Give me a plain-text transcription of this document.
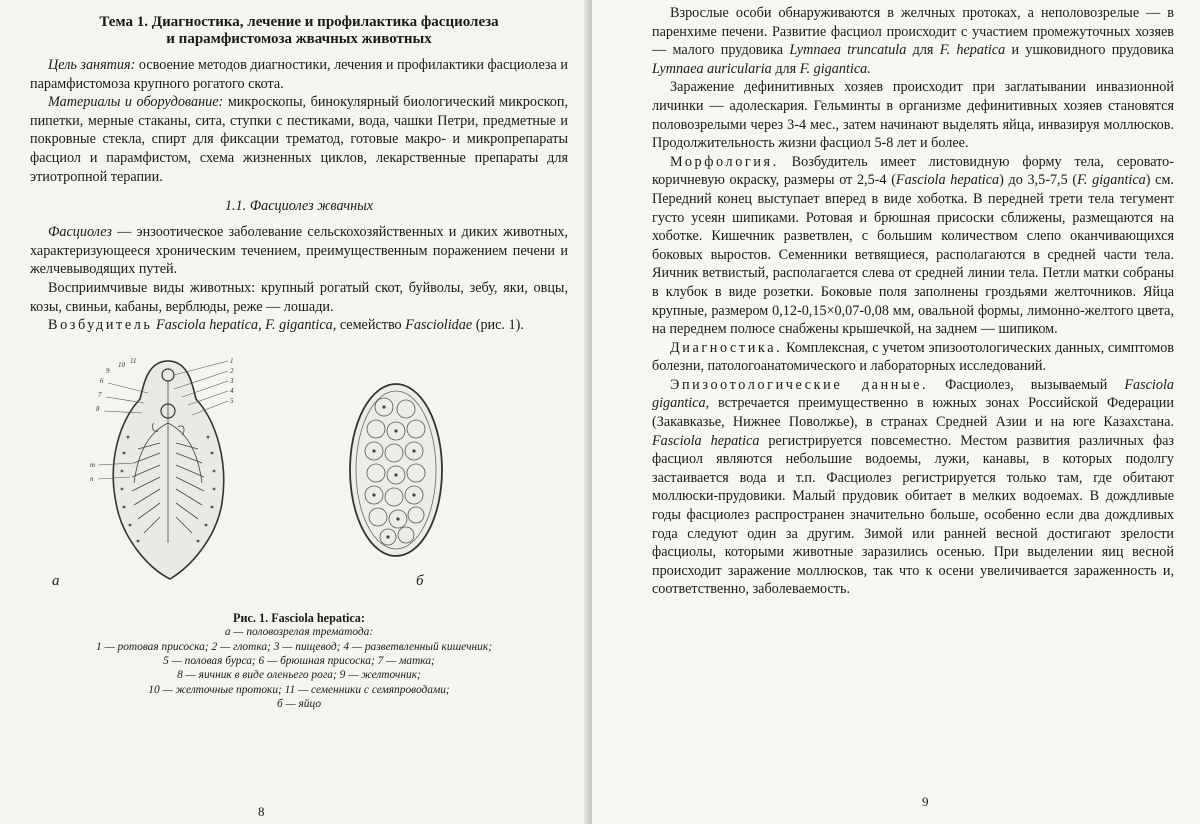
Тема 1. Диагностика, лечение и профилактика фасциолеза
и парамфистомоза жвачных животных

Цель занятия: освоение методов диагностики, лечения и профилактики фасциолеза и парамфистомоза крупного рогатого скота.

Материалы и оборудование: микроскопы, бинокулярный биологический микроскоп, пипетки, мерные стаканы, сита, ступки с пестиками, вода, чашки Петри, предметные и покровные стекла, спирт для фиксации трематод, готовые макро- и микропрепараты фасциол и парамфистом, схема жизненных циклов, лекарственные препараты для этиотропной терапии.

1.1. Фасциолез жвачных

Фасциолез — энзоотическое заболевание сельскохозяйственных и диких животных, характеризующееся хроническим течением, преимущественным поражением печени и желчевыводящих путей.

Восприимчивые виды животных: крупный рогатый скот, буйволы, зебу, яки, овцы, козы, свиньи, кабаны, верблюды, реже — лошади.

Возбудитель Fasciola hepatica, F. gigantica, семейство Fasciolidae (рис. 1).

1
2
3
4
5
6
7
8
9
10 11
m
n
а	б
Рис. 1. Fasciola hepatica:
а — половозрелая трематода:
1 — ротовая присоска; 2 — глотка; 3 — пищевод; 4 — разветвленный кишечник;
5 — половая бурса; 6 — брюшная присоска; 7 — матка;
8 — яичник в виде оленьего рога; 9 — желточник;
10 — желточные протоки; 11 — семенники с семяпроводами;
б — яйцо
8

Взрослые особи обнаруживаются в желчных протоках, а неполовозрелые — в паренхиме печени. Развитие фасциол происходит с участием промежуточных хозяев — малого прудовика Lymnaea truncatula для F. hepatica и ушковидного прудовика Lymnaea auricularia для F. gigantica.

Заражение дефинитивных хозяев происходит при заглатывании инвазионной личинки — адолескария. Гельминты в организме дефинитивных хозяев становятся половозрелыми через 3-4 мес., затем начинают выделять яйца, инвазируя моллюсков. Продолжительность жизни фасциол 5-8 лет и более.

Морфология. Возбудитель имеет листовидную форму тела, серовато-коричневую окраску, размеры от 2,5-4 (Fasciola hepatica) до 3,5-7,5 (F. gigantica) см. Передний конец выступает вперед в виде хоботка. В передней трети тела тегумент густо усеян шипиками. Ротовая и брюшная присоски сближены, размещаются на хоботке. Кишечник разветвлен, с большим количеством слепо оканчивающихся боковых выростов. Семенники ветвящиеся, располагаются в средней части тела. Яичник ветвистый, располагается слева от средней линии тела. Петли матки собраны в клубок в виде розетки. Боковые поля заполнены гроздьями желточников. Яйца крупные, размером 0,12-0,15×0,07-0,08 мм, овальной формы, лимонно-желтого цвета, на переднем полюсе снабжены крышечкой, на заднем — шипиком.

Диагностика. Комплексная, с учетом эпизоотологических данных, симптомов болезни, патологоанатомического и лабораторных исследований.

Эпизоотологические данные. Фасциолез, вызываемый Fasciola gigantica, встречается преимущественно в южных зонах Российской Федерации (Закавказье, Нижнее Поволжье), в странах Средней Азии и на юге Казахстана. Fasciola hepatica регистрируется повсеместно. Местом развития различных фаз фасциол являются небольшие водоемы, лужи, канавы, в которых подолгу застаивается вода и т.п. Фасциолез регистрируется только там, где обитают моллюски-прудовики. Малый прудовик обитает в мелких водоемах. В дождливые годы фасциолез распространен значительно больше, особенно если два дождливых года следуют один за другим. Зимой или ранней весной достигают зрелости фасциолы, которыми животные заразились осенью. При выделении яиц весной происходит заражение моллюсков, так что к осени увеличивается зараженность и, соответственно, заболеваемость.

9
